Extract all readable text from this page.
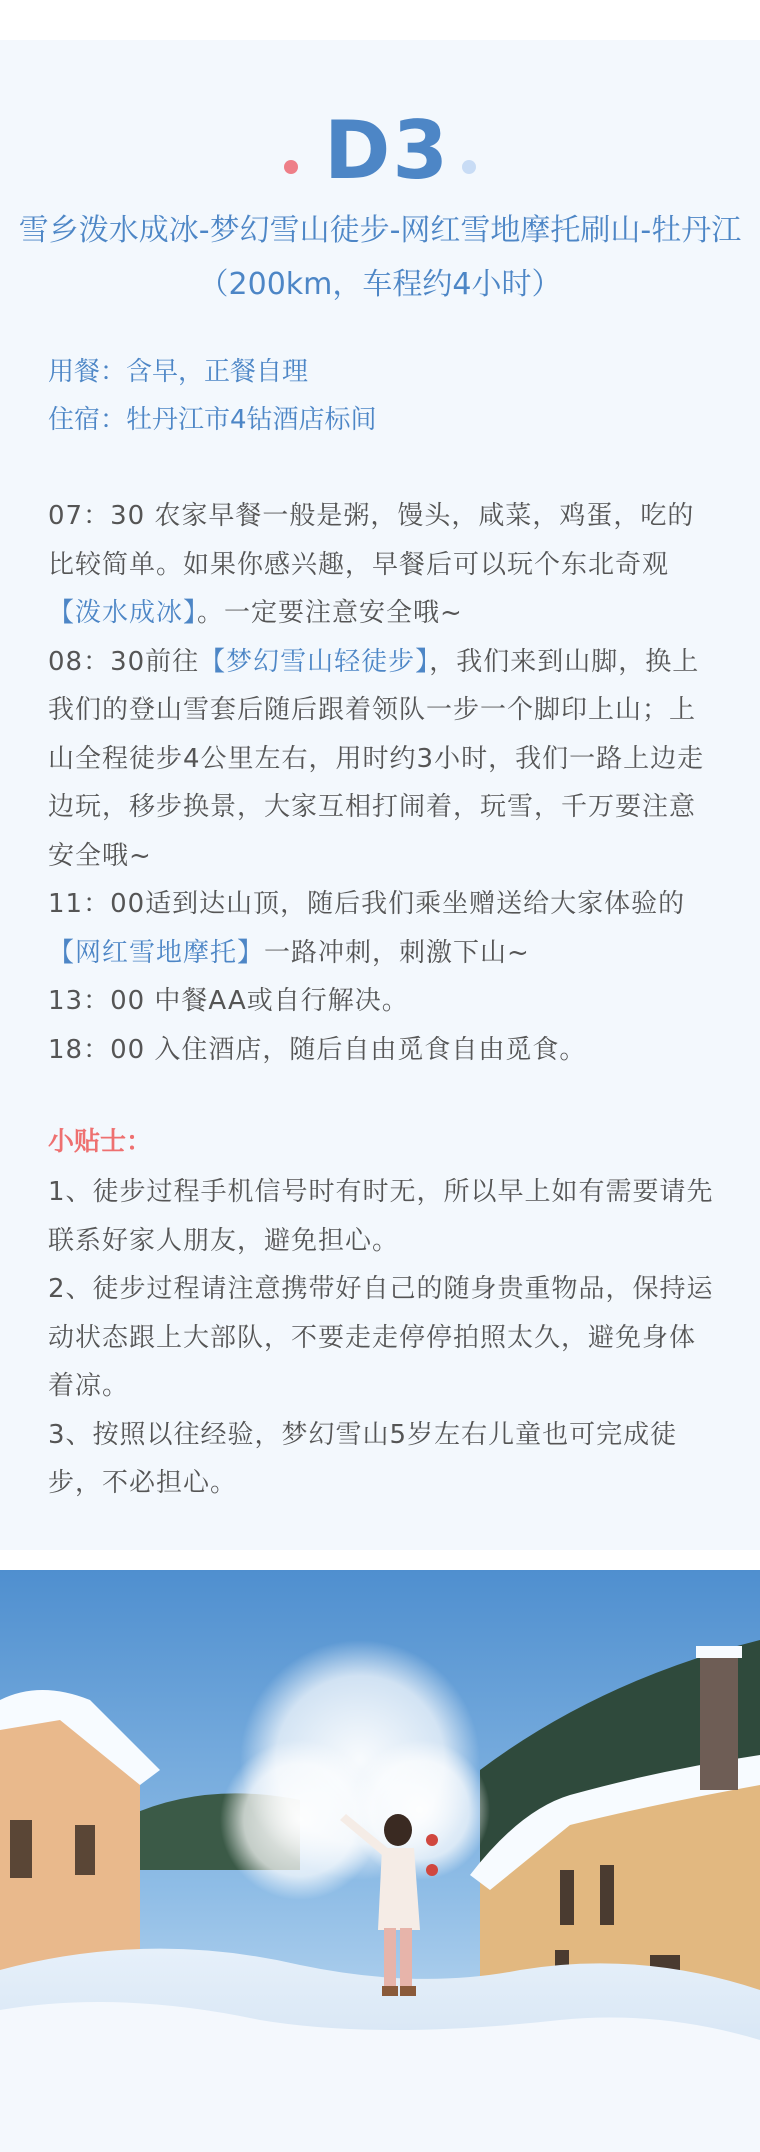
D3
雪乡泼水成冰-梦幻雪山徒步-网红雪地摩托刷山-牡丹江（200km，车程约4小时）
用餐：含早，正餐自理
住宿：牡丹江市4钻酒店标间

07：30 农家早餐一般是粥，馒头，咸菜，鸡蛋，吃的比较简单。如果你感兴趣，早餐后可以玩个东北奇观【泼水成冰】。一定要注意安全哦~

08：30前往【梦幻雪山轻徒步】，我们来到山脚，换上我们的登山雪套后随后跟着领队一步一个脚印上山；上山全程徒步4公里左右，用时约3小时，我们一路上边走边玩，移步换景，大家互相打闹着，玩雪，千万要注意安全哦~

11：00适到达山顶，随后我们乘坐赠送给大家体验的【网红雪地摩托】一路冲刺，刺激下山~

13：00 中餐AA或自行解决。

18：00 入住酒店，随后自由觅食自由觅食。

小贴士：

1、徒步过程手机信号时有时无，所以早上如有需要请先联系好家人朋友，避免担心。

2、徒步过程请注意携带好自己的随身贵重物品，保持运动状态跟上大部队，不要走走停停拍照太久，避免身体着凉。

3、按照以往经验，梦幻雪山5岁左右儿童也可完成徒步，不必担心。
